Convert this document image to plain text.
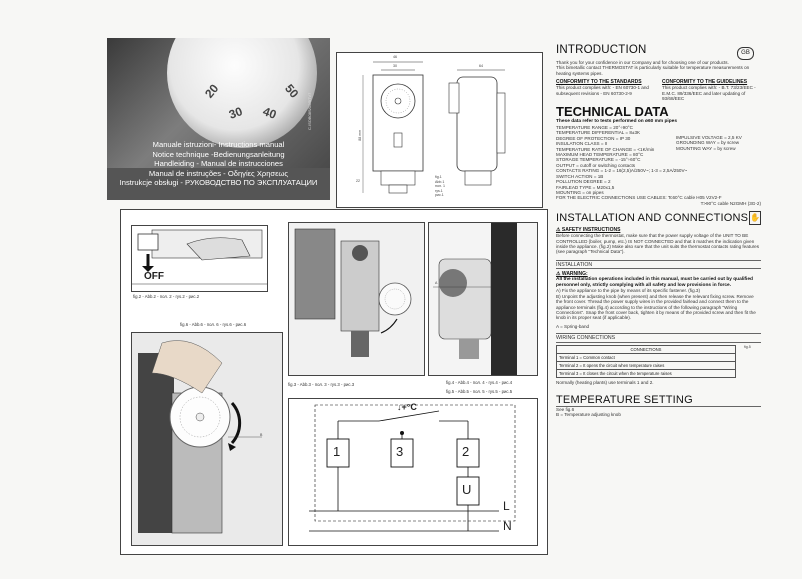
20
30 40
50
C.ISOB08S/00/BTV7
Manuale istruzioni- Instructions manual
Notice technique -Bedienungsanleitung
Handleiding - Manual de instrucciones
Manual de instruções - Οδηγίες Χρησεως
Instrukcje obsługi - РУКОВОДСТВО ПО ЭКСПЛУАТАЦИИ
46
30
88 mm
22
64
fig.1
Abb.1
пол. 1
rys.1
рис.1
OFF
fig.2 - Abb.2 - пол. 2 - rys.2 - рис.2
fig.3 - Abb.3 - пол. 3 - rys.3 - рис.3
A
fig.4 - Abb.4 - пол. 4 - rys.4 - рис.4
fig.5 - Abb.5 - пол. 5 - rys.5 - рис.5
fig.6 - Abb.6 - пол. 6 - rys.6 - рис.6
B
↓+°C
1	3	2
U
L
N
GB
INTRODUCTION

Thank you for your confidence in our Company and for choosing one of our products.

This bimetallic contact THERMOSTAT is particularly suitable for temperature measurements on heating systems pipes.

CONFORMITY TO THE STANDARDS

This product complies with: - EN 60730-1 and subsequent revisions - EN 60730-2-9

CONFORMITY TO THE GUIDELINES

This product complies with: - B.T. 73/23/EEC - E.M.C. 89/336/EEC and later updating of 93/68/EEC

TECHNICAL DATA

These data refer to tests performed on ø60 mm pipes

TEMPERATURE RANGE = 20°÷90°C

TEMPERATURE DIFFERENTIAL = 8±3K

DEGREE OF PROTECTION = IP 30

INSULATION CLASS = II

TEMPERATURE RATE OF CHANGE = <1K/min

MAXIMUM HEAD TEMPERATURE = 80°C

STORAGE TEMPERATURE = -15°÷60°C

OUTPUT = cutoff or switching contacts

CONTACTS RATING = 1-2 = 16(2,5)A/250V~; 1-3 = 2,5A/250V~

SWITCH ACTION = 1B

POLLUTION DEGREE = 2

FAIRLEAD TYPE = M20x1,5

MOUNTING = on pipes

FOR THE ELECTRIC CONNECTIONS USE CABLES: Tc60°C cable H05 V2V2-F

T>90°C cable N2GMH (3G-2)

IMPULSIVE VOLTAGE = 2,5 KV

GROUNDING WAY = by screw

MOUNTING WAY = by screw

INSTALLATION AND CONNECTIONS ✋

⚠ SAFETY INSTRUCTIONS

Before connecting the thermostat, make sure that the power supply voltage of the UNIT TO BE CONTROLLED (boiler, pump, etc.) IS NOT CONNECTED and that it matches the indication given inside the appliance. (fig.2) Make also sure that the unit suits the thermostat contacts rating features (see paragraph "Technical Data").

INSTALLATION

⚠ WARNING:

All the installation operations included in this manual, must be carried out by qualified personnel only, strictly complying with all safety and low provisions in force.

A) Fix the appliance to the pipe by means of its specific fastener. (fig.3)

B) Unpoint the adjusting knob (when present) and then release the relevant fixing screw. Remove the front cover. Thread the power supply wires in the provided fairlead and connect them to the appliance terminals (fig.4) according to the instructions of the following paragraph "Wiring Connections". Snap the front cover back, tighten it by means of the provided screw and then fit the knob in its proper seat (if applicable).

A = Spring-band

WIRING CONNECTIONS

CONNECTIONS
Terminal 1 = Common contact
Terminal 2 = It opens the circuit when temperature raises
Terminal 3 = It closes the circuit when the temperature raises
fig.5

Normally (heating plants) use terminals 1 and 2.

TEMPERATURE SETTING

See fig.6

B = Temperature adjusting knob
